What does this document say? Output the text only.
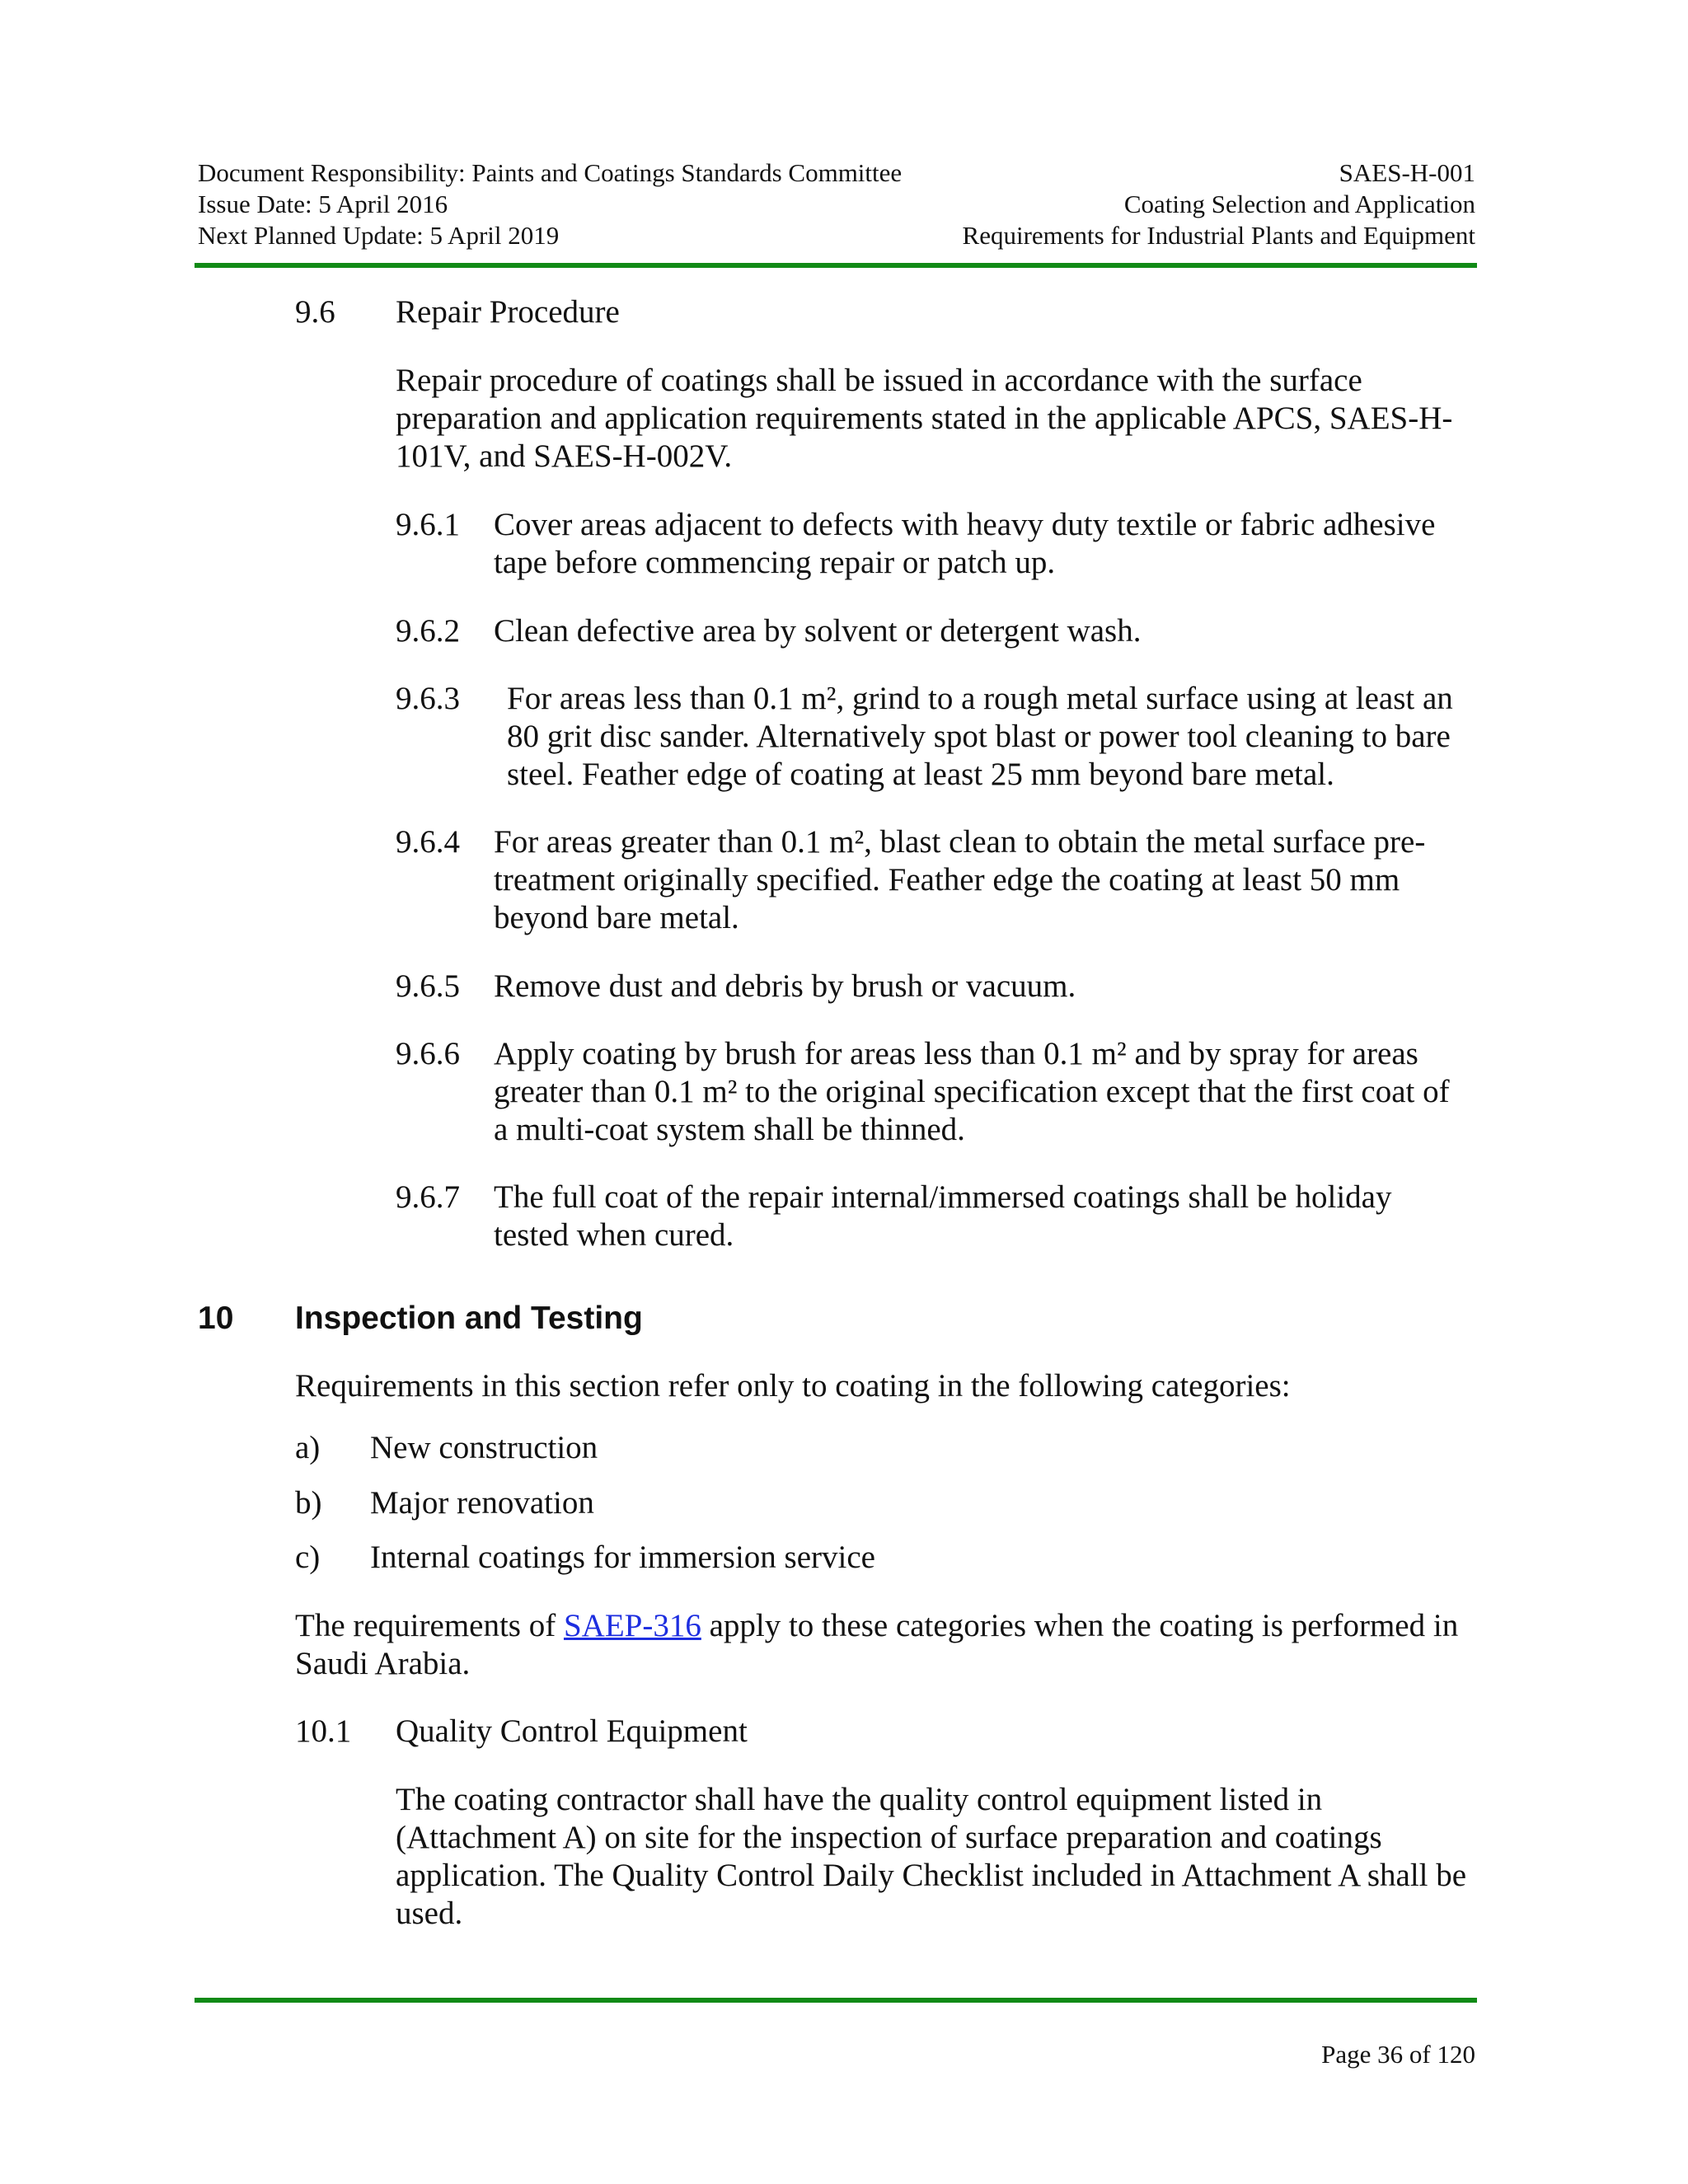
Document Responsibility: Paints and Coatings Standards Committee
Issue Date: 5 April 2016
Next Planned Update: 5 April 2019
SAES-H-001
Coating Selection and Application
Requirements for Industrial Plants and Equipment
9.6 Repair Procedure
Repair procedure of coatings shall be issued in accordance with the surface preparation and application requirements stated in the applicable APCS, SAES-H-101V, and SAES-H-002V.
9.6.1 Cover areas adjacent to defects with heavy duty textile or fabric adhesive tape before commencing repair or patch up.
9.6.2 Clean defective area by solvent or detergent wash.
9.6.3 For areas less than 0.1 m², grind to a rough metal surface using at least an 80 grit disc sander. Alternatively spot blast or power tool cleaning to bare steel. Feather edge of coating at least 25 mm beyond bare metal.
9.6.4 For areas greater than 0.1 m², blast clean to obtain the metal surface pre-treatment originally specified. Feather edge the coating at least 50 mm beyond bare metal.
9.6.5 Remove dust and debris by brush or vacuum.
9.6.6 Apply coating by brush for areas less than 0.1 m² and by spray for areas greater than 0.1 m² to the original specification except that the first coat of a multi-coat system shall be thinned.
9.6.7 The full coat of the repair internal/immersed coatings shall be holiday tested when cured.
10 Inspection and Testing
Requirements in this section refer only to coating in the following categories:
a) New construction
b) Major renovation
c) Internal coatings for immersion service
The requirements of SAEP-316 apply to these categories when the coating is performed in Saudi Arabia.
10.1 Quality Control Equipment
The coating contractor shall have the quality control equipment listed in (Attachment A) on site for the inspection of surface preparation and coatings application. The Quality Control Daily Checklist included in Attachment A shall be used.
Page 36 of 120
